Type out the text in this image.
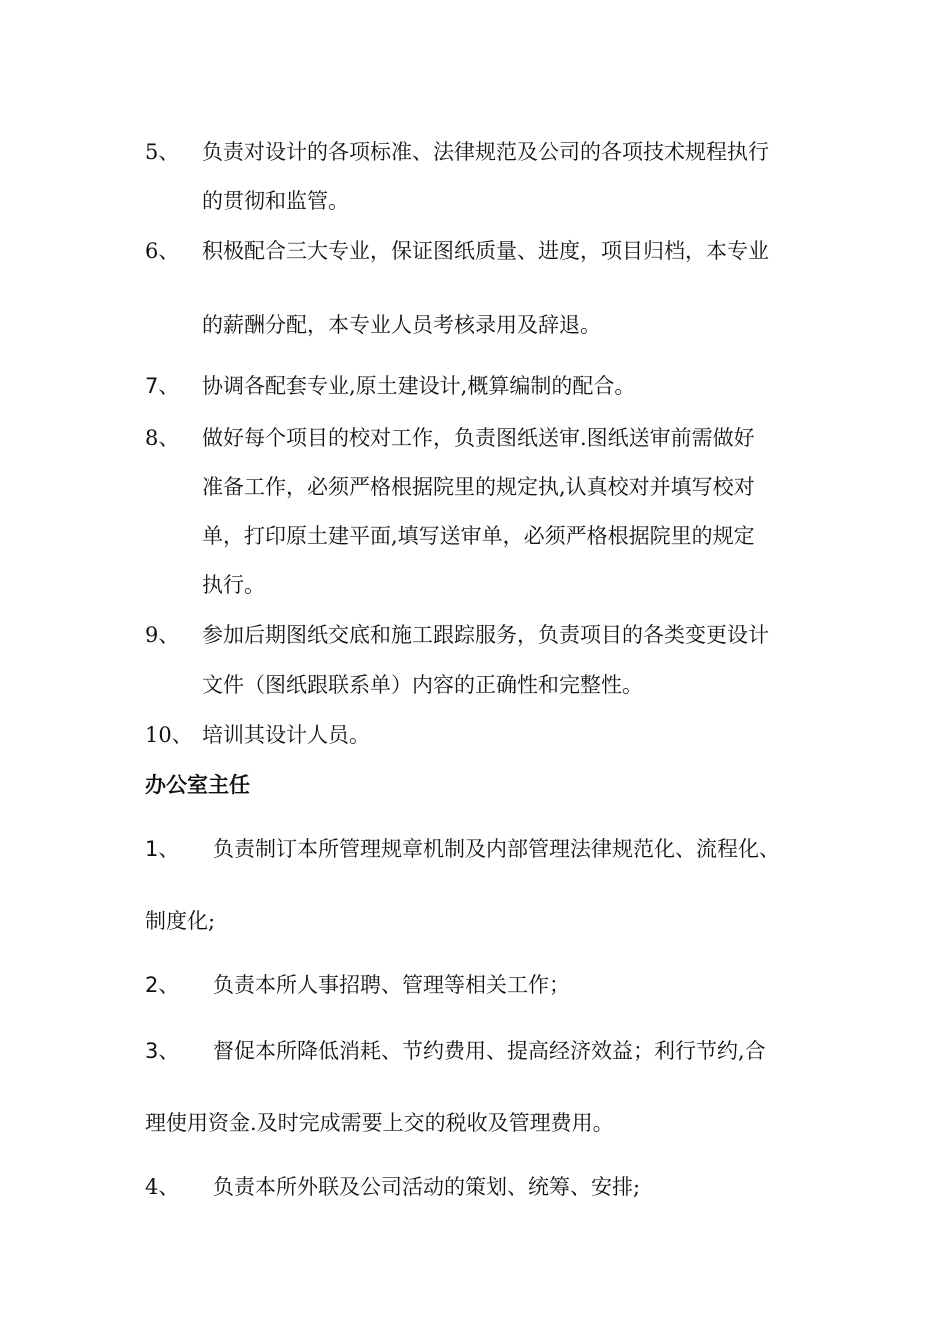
5、 负责对设计的各项标准、法律规范及公司的各项技术规程执行
的贯彻和监管。
6、 积极配合三大专业，保证图纸质量、进度，项目归档，本专业
的薪酬分配，本专业人员考核录用及辞退。
7、 协调各配套专业,原土建设计,概算编制的配合。
8、 做好每个项目的校对工作，负责图纸送审.图纸送审前需做好
准备工作，必须严格根据院里的规定执,认真校对并填写校对
单，打印原土建平面,填写送审单，必须严格根据院里的规定
执行。
9、 参加后期图纸交底和施工跟踪服务，负责项目的各类变更设计
文件（图纸跟联系单）内容的正确性和完整性。
10、 培训其设计人员。
办公室主任
1、 负责制订本所管理规章机制及内部管理法律规范化、流程化、
制度化;
2、 负责本所人事招聘、管理等相关工作；
3、 督促本所降低消耗、节约费用、提高经济效益；利行节约,合
理使用资金.及时完成需要上交的税收及管理费用。
4、 负责本所外联及公司活动的策划、统筹、安排;
